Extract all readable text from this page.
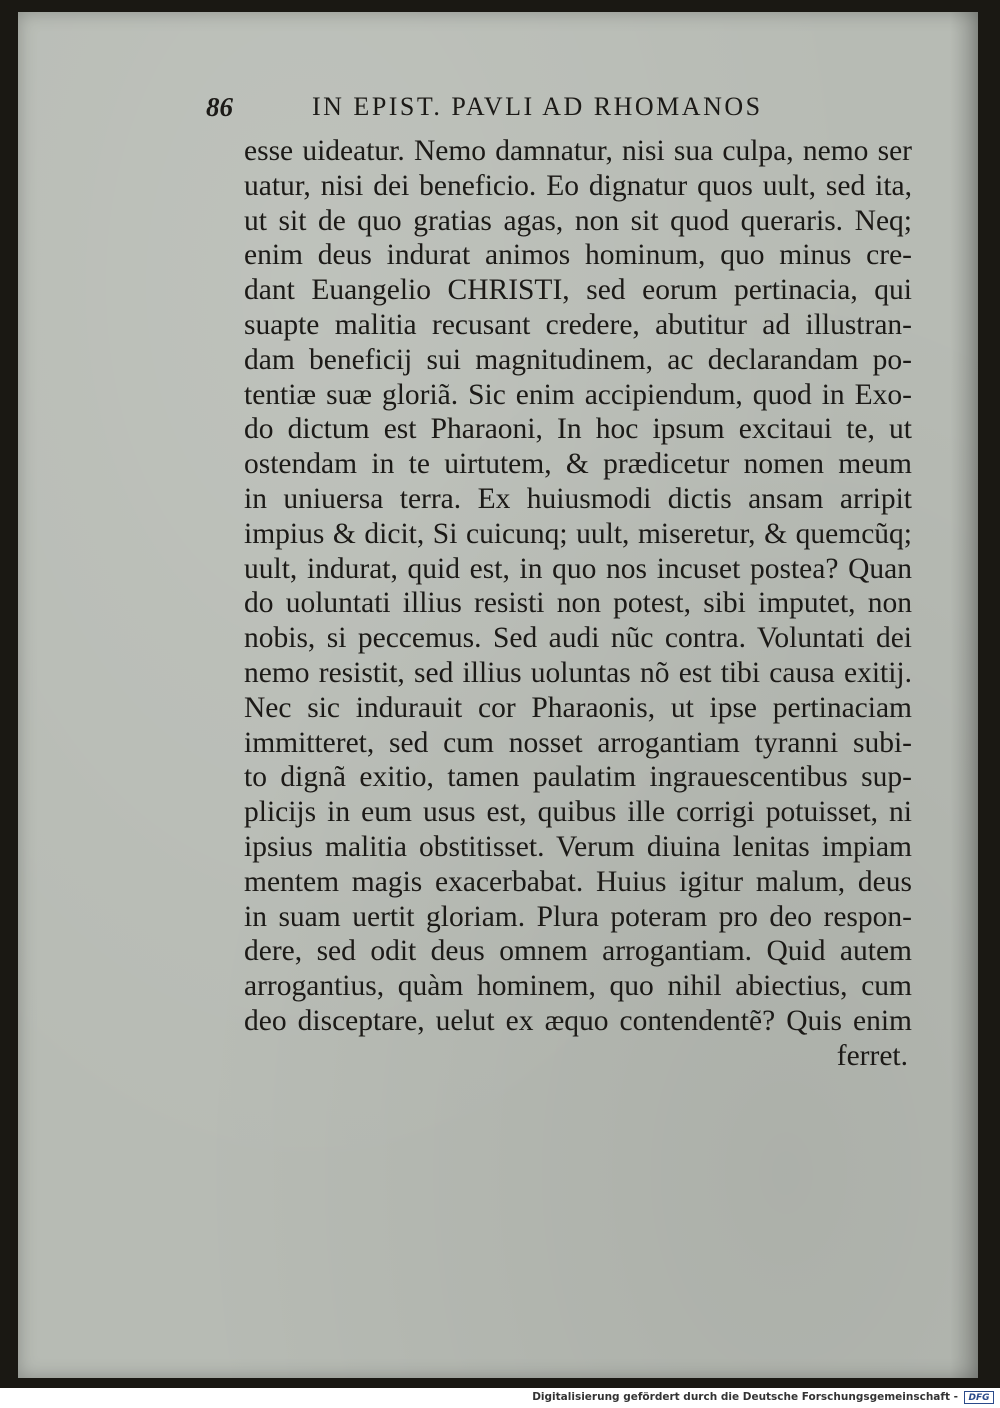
86	IN EPIST. PAVLI AD RHOMANOS
esse uideatur. Nemo damnatur, nisi sua culpa, nemo ser
uatur, nisi dei beneficio. Eo dignatur quos uult, sed ita,
ut sit de quo gratias agas, non sit quod queraris. Neq;
enim deus indurat animos hominum, quo minus cre-
dant Euangelio CHRISTI, sed eorum pertinacia, qui
suapte malitia recusant credere, abutitur ad illustran-
dam beneficij sui magnitudinem, ac declarandam po-
tentiæ suæ gloriã. Sic enim accipiendum, quod in Exo-
do dictum est Pharaoni, In hoc ipsum excitaui te, ut
ostendam in te uirtutem, & prædicetur nomen meum
in uniuersa terra. Ex huiusmodi dictis ansam arripit
impius & dicit, Si cuicunq; uult, miseretur, & quemcũq;
uult, indurat, quid est, in quo nos incuset postea? Quan
do uoluntati illius resisti non potest, sibi imputet, non
nobis, si peccemus. Sed audi nũc contra. Voluntati dei
nemo resistit, sed illius uoluntas nõ est tibi causa exitij.
Nec sic indurauit cor Pharaonis, ut ipse pertinaciam
immitteret, sed cum nosset arrogantiam tyranni subi-
to dignã exitio, tamen paulatim ingrauescentibus sup-
plicijs in eum usus est, quibus ille corrigi potuisset, ni
ipsius malitia obstitisset. Verum diuina lenitas impiam
mentem magis exacerbabat. Huius igitur malum, deus
in suam uertit gloriam. Plura poteram pro deo respon-
dere, sed odit deus omnem arrogantiam. Quid autem
arrogantius, quàm hominem, quo nihil abiectius, cum
deo disceptare, uelut ex æquo contendentẽ? Quis enim
ferret.
Digitalisierung gefördert durch die Deutsche Forschungsgemeinschaft -	DFG
